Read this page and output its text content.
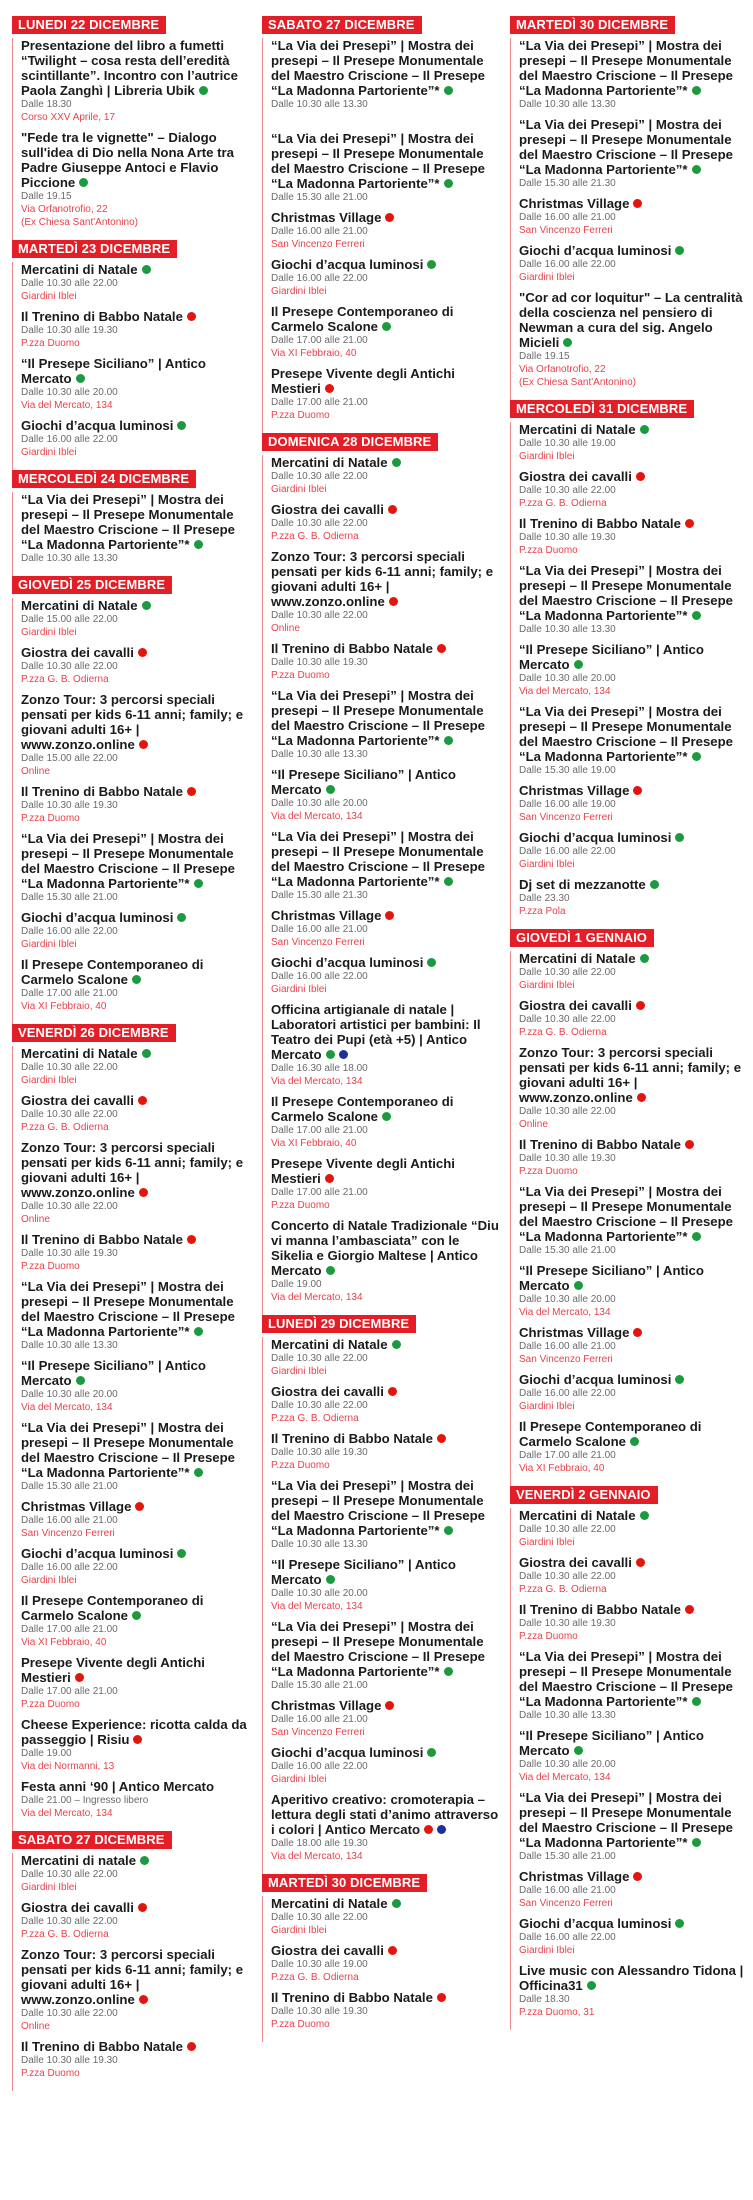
LUNEDI 22 DICEMBRE
Presentazione del libro a fumetti “Twilight – cosa resta dell’eredità scintillante”. Incontro con l’autrice Paola Zanghì | Libreria Ubik
Dalle 18.30
Corso XXV Aprile, 17
"Fede tra le vignette" – Dialogo sull'idea di Dio nella Nona Arte tra Padre Giuseppe Antoci e Flavio Piccione
Dalle 19.15
Via Orfanotrofio, 22
(Ex Chiesa Sant'Antonino)
MARTEDÌ 23 DICEMBRE
Mercatini di Natale
Dalle 10.30 alle 22.00
Giardini Iblei
Il Trenino di Babbo Natale
Dalle 10.30 alle 19.30
P.zza Duomo
“Il Presepe Siciliano” | Antico Mercato
Dalle 10.30 alle 20.00
Via del Mercato, 134
Giochi d’acqua luminosi
Dalle 16.00 alle 22.00
Giardini Iblei
MERCOLEDÌ 24 DICEMBRE
“La Via dei Presepi” | Mostra dei presepi – Il Presepe Monumentale del Maestro Criscione – Il Presepe “La Madonna Partoriente”*
Dalle 10.30 alle 13.30
GIOVEDÌ 25 DICEMBRE
Mercatini di Natale
Dalle 15.00 alle 22.00
Giardini Iblei
Giostra dei cavalli
Dalle 10.30 alle 22.00
P.zza G. B. Odierna
Zonzo Tour: 3 percorsi speciali pensati per kids 6-11 anni; family; e giovani adulti 16+ | www.zonzo.online
Dalle 15.00 alle 22.00
Online
Il Trenino di Babbo Natale
Dalle 10.30 alle 19.30
P.zza Duomo
“La Via dei Presepi” | Mostra dei presepi – Il Presepe Monumentale del Maestro Criscione – Il Presepe “La Madonna Partoriente”*
Dalle 15.30 alle 21.00
Giochi d’acqua luminosi
Dalle 16.00 alle 22.00
Giardini Iblei
Il Presepe Contemporaneo di Carmelo Scalone
Dalle 17.00 alle 21.00
Via XI Febbraio, 40
VENERDÌ 26 DICEMBRE
Mercatini di Natale
Dalle 10.30 alle 22.00
Giardini Iblei
Giostra dei cavalli
Dalle 10.30 alle 22.00
P.zza G. B. Odierna
Zonzo Tour: 3 percorsi speciali pensati per kids 6-11 anni; family; e giovani adulti 16+ | www.zonzo.online
Dalle 10.30 alle 22.00
Online
Il Trenino di Babbo Natale
Dalle 10.30 alle 19.30
P.zza Duomo
“La Via dei Presepi” | Mostra dei presepi – Il Presepe Monumentale del Maestro Criscione – Il Presepe “La Madonna Partoriente”*
Dalle 10.30 alle 13.30
“Il Presepe Siciliano” | Antico Mercato
Dalle 10.30 alle 20.00
Via del Mercato, 134
“La Via dei Presepi” | Mostra dei presepi – Il Presepe Monumentale del Maestro Criscione – Il Presepe “La Madonna Partoriente”*
Dalle 15.30 alle 21.00
Christmas Village
Dalle 16.00 alle 21.00
San Vincenzo Ferreri
Giochi d’acqua luminosi
Dalle 16.00 alle 22.00
Giardini Iblei
Il Presepe Contemporaneo di Carmelo Scalone
Dalle 17.00 alle 21.00
Via XI Febbraio, 40
Presepe Vivente degli Antichi Mestieri
Dalle 17.00 alle 21.00
P.zza Duomo
Cheese Experience: ricotta calda da passeggio | Risiu
Dalle 19.00
Via dei Normanni, 13
Festa anni ‘90 | Antico Mercato
Dalle 21.00 – Ingresso libero
Via del Mercato, 134
SABATO 27 DICEMBRE
Mercatini di natale
Dalle 10.30 alle 22.00
Giardini Iblei
Giostra dei cavalli
Dalle 10.30 alle 22.00
P.zza G. B. Odierna
Zonzo Tour: 3 percorsi speciali pensati per kids 6-11 anni; family; e giovani adulti 16+ | www.zonzo.online
Dalle 10.30 alle 22.00
Online
Il Trenino di Babbo Natale
Dalle 10.30 alle 19.30
P.zza Duomo
SABATO 27 DICEMBRE
“La Via dei Presepi” | Mostra dei presepi – Il Presepe Monumentale del Maestro Criscione – Il Presepe “La Madonna Partoriente”*
Dalle 10.30 alle 13.30
“La Via dei Presepi” | Mostra dei presepi – Il Presepe Monumentale del Maestro Criscione – Il Presepe “La Madonna Partoriente”*
Dalle 15.30 alle 21.00
Christmas Village
Dalle 16.00 alle 21.00
San Vincenzo Ferreri
Giochi d’acqua luminosi
Dalle 16.00 alle 22.00
Giardini Iblei
Il Presepe Contemporaneo di Carmelo Scalone
Dalle 17.00 alle 21.00
Via XI Febbraio, 40
Presepe Vivente degli Antichi Mestieri
Dalle 17.00 alle 21.00
P.zza Duomo
DOMENICA 28 DICEMBRE
Mercatini di Natale
Dalle 10.30 alle 22.00
Giardini Iblei
Giostra dei cavalli
Dalle 10.30 alle 22.00
P.zza G. B. Odierna
Zonzo Tour: 3 percorsi speciali pensati per kids 6-11 anni; family; e giovani adulti 16+ | www.zonzo.online
Dalle 10.30 alle 22.00
Online
Il Trenino di Babbo Natale
Dalle 10.30 alle 19.30
P.zza Duomo
“La Via dei Presepi” | Mostra dei presepi – Il Presepe Monumentale del Maestro Criscione – Il Presepe “La Madonna Partoriente”*
Dalle 10.30 alle 13.30
“Il Presepe Siciliano” | Antico Mercato
Dalle 10.30 alle 20.00
Via del Mercato, 134
“La Via dei Presepi” | Mostra dei presepi – Il Presepe Monumentale del Maestro Criscione – Il Presepe “La Madonna Partoriente”*
Dalle 15.30 alle 21.30
Christmas Village
Dalle 16.00 alle 21.00
San Vincenzo Ferreri
Giochi d’acqua luminosi
Dalle 16.00 alle 22.00
Giardini Iblei
Officina artigianale di natale | Laboratori artistici per bambini: Il Teatro dei Pupi (età +5) | Antico Mercato
Dalle 16.30 alle 18.00
Via del Mercato, 134
Il Presepe Contemporaneo di Carmelo Scalone
Dalle 17.00 alle 21.00
Via XI Febbraio, 40
Presepe Vivente degli Antichi Mestieri
Dalle 17.00 alle 21.00
P.zza Duomo
Concerto di Natale Tradizionale “Diu vi manna l’ambasciata” con le Sikelia e Giorgio Maltese | Antico Mercato
Dalle 19.00
Via del Mercato, 134
LUNEDÌ 29 DICEMBRE
Mercatini di Natale
Dalle 10.30 alle 22.00
Giardini Iblei
Giostra dei cavalli
Dalle 10.30 alle 22.00
P.zza G. B. Odierna
Il Trenino di Babbo Natale
Dalle 10.30 alle 19.30
P.zza Duomo
“La Via dei Presepi” | Mostra dei presepi – Il Presepe Monumentale del Maestro Criscione – Il Presepe “La Madonna Partoriente”*
Dalle 10.30 alle 13.30
“Il Presepe Siciliano” | Antico Mercato
Dalle 10.30 alle 20.00
Via del Mercato, 134
“La Via dei Presepi” | Mostra dei presepi – Il Presepe Monumentale del Maestro Criscione – Il Presepe “La Madonna Partoriente”*
Dalle 15.30 alle 21.00
Christmas Village
Dalle 16.00 alle 21.00
San Vincenzo Ferreri
Giochi d’acqua luminosi
Dalle 16.00 alle 22.00
Giardini Iblei
Aperitivo creativo: cromoterapia – lettura degli stati d’animo attraverso i colori | Antico Mercato
Dalle 18.00 alle 19.30
Via del Mercato, 134
MARTEDÌ 30 DICEMBRE
Mercatini di Natale
Dalle 10.30 alle 22.00
Giardini Iblei
Giostra dei cavalli
Dalle 10.30 alle 19.00
P.zza G. B. Odierna
Il Trenino di Babbo Natale
Dalle 10.30 alle 19.30
P.zza Duomo
MARTEDÌ 30 DICEMBRE
“La Via dei Presepi” | Mostra dei presepi – Il Presepe Monumentale del Maestro Criscione – Il Presepe “La Madonna Partoriente”*
Dalle 10.30 alle 13.30
“La Via dei Presepi” | Mostra dei presepi – Il Presepe Monumentale del Maestro Criscione – Il Presepe “La Madonna Partoriente”*
Dalle 15.30 alle 21.30
Christmas Village
Dalle 16.00 alle 21.00
San Vincenzo Ferreri
Giochi d’acqua luminosi
Dalle 16.00 alle 22.00
Giardini Iblei
"Cor ad cor loquitur" – La centralità della coscienza nel pensiero di Newman a cura del sig. Angelo Micieli
Dalle 19.15
Via Orfanotrofio, 22
(Ex Chiesa Sant'Antonino)
MERCOLEDÌ 31 DICEMBRE
Mercatini di Natale
Dalle 10.30 alle 19.00
Giardini Iblei
Giostra dei cavalli
Dalle 10.30 alle 22.00
P.zza G. B. Odierna
Il Trenino di Babbo Natale
Dalle 10.30 alle 19.30
P.zza Duomo
“La Via dei Presepi” | Mostra dei presepi – Il Presepe Monumentale del Maestro Criscione – Il Presepe “La Madonna Partoriente”*
Dalle 10.30 alle 13.30
“Il Presepe Siciliano” | Antico Mercato
Dalle 10.30 alle 20.00
Via del Mercato, 134
“La Via dei Presepi” | Mostra dei presepi – Il Presepe Monumentale del Maestro Criscione – Il Presepe “La Madonna Partoriente”*
Dalle 15.30 alle 19.00
Christmas Village
Dalle 16.00 alle 19.00
San Vincenzo Ferreri
Giochi d’acqua luminosi
Dalle 16.00 alle 22.00
Giardini Iblei
Dj set di mezzanotte
Dalle 23.30
P.zza Pola
GIOVEDÌ 1 GENNAIO
Mercatini di Natale
Dalle 10.30 alle 22.00
Giardini Iblei
Giostra dei cavalli
Dalle 10.30 alle 22.00
P.zza G. B. Odierna
Zonzo Tour: 3 percorsi speciali pensati per kids 6-11 anni; family; e giovani adulti 16+ | www.zonzo.online
Dalle 10.30 alle 22.00
Online
Il Trenino di Babbo Natale
Dalle 10.30 alle 19.30
P.zza Duomo
“La Via dei Presepi” | Mostra dei presepi – Il Presepe Monumentale del Maestro Criscione – Il Presepe “La Madonna Partoriente”*
Dalle 15.30 alle 21.00
“Il Presepe Siciliano” | Antico Mercato
Dalle 10.30 alle 20.00
Via del Mercato, 134
Christmas Village
Dalle 16.00 alle 21.00
San Vincenzo Ferreri
Giochi d’acqua luminosi
Dalle 16.00 alle 22.00
Giardini Iblei
Il Presepe Contemporaneo di Carmelo Scalone
Dalle 17.00 alle 21.00
Via XI Febbraio, 40
VENERDÌ 2 GENNAIO
Mercatini di Natale
Dalle 10.30 alle 22.00
Giardini Iblei
Giostra dei cavalli
Dalle 10.30 alle 22.00
P.zza G. B. Odierna
Il Trenino di Babbo Natale
Dalle 10.30 alle 19.30
P.zza Duomo
“La Via dei Presepi” | Mostra dei presepi – Il Presepe Monumentale del Maestro Criscione – Il Presepe “La Madonna Partoriente”*
Dalle 10.30 alle 13.30
“Il Presepe Siciliano” | Antico Mercato
Dalle 10.30 alle 20.00
Via del Mercato, 134
“La Via dei Presepi” | Mostra dei presepi – Il Presepe Monumentale del Maestro Criscione – Il Presepe “La Madonna Partoriente”*
Dalle 15.30 alle 21.00
Christmas Village
Dalle 16.00 alle 21.00
San Vincenzo Ferreri
Giochi d’acqua luminosi
Dalle 16.00 alle 22.00
Giardini Iblei
Live music con Alessandro Tidona | Officina31
Dalle 18.30
P.zza Duomo, 31
